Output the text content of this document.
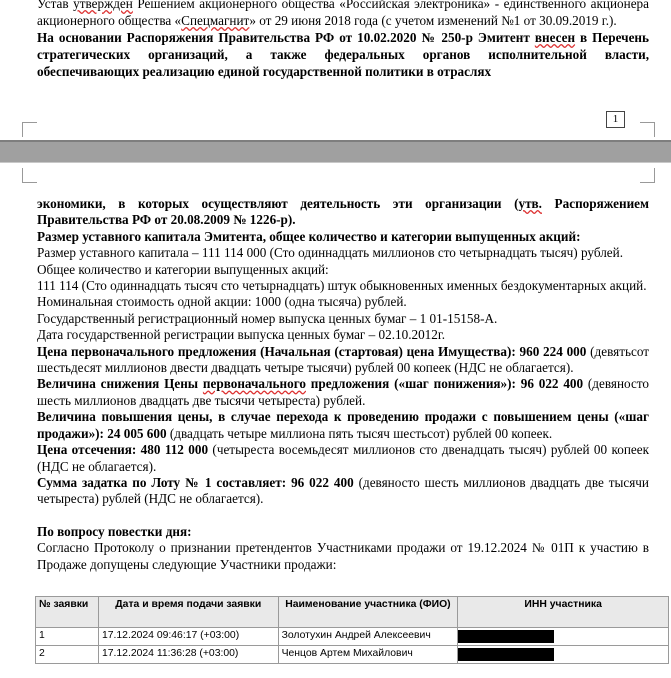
Устав утвержден Решением акционерного общества «Российская электроника» - единственного акционера акционерного общества «Спецмагнит» от 29 июня 2018 года (с учетом изменений №1 от 30.09.2019 г.).
На основании Распоряжения Правительства РФ от 10.02.2020 № 250-р Эмитент внесен в Перечень стратегических организаций, а также федеральных органов исполнительной власти, обеспечивающих реализацию единой государственной политики в отраслях
1

экономики, в которых осуществляют деятельность эти организации (утв. Распоряжением Правительства РФ от 20.08.2009 № 1226-р).

Размер уставного капитала Эмитента, общее количество и категории выпущенных акций:

Размер уставного капитала – 111 114 000 (Сто одиннадцать миллионов сто четырнадцать тысяч) рублей.

Общее количество и категории выпущенных акций:

111 114 (Сто одиннадцать тысяч сто четырнадцать) штук обыкновенных именных бездокументарных акций.

Номинальная стоимость одной акции: 1000 (одна тысяча) рублей.

Государственный регистрационный номер выпуска ценных бумаг – 1 01-15158-А.

Дата государственной регистрации выпуска ценных бумаг – 02.10.2012г.

Цена первоначального предложения (Начальная (стартовая) цена Имущества): 960 224 000 (девятьсот шестьдесят миллионов двести двадцать четыре тысячи) рублей 00 копеек (НДС не облагается).

Величина снижения Цены первоначального предложения («шаг понижения»): 96 022 400 (девяносто шесть миллионов двадцать две тысячи четыреста) рублей.

Величина повышения цены, в случае перехода к проведению продажи с повышением цены («шаг продажи»): 24 005 600 (двадцать четыре миллиона пять тысяч шестьсот) рублей 00 копеек.

Цена отсечения: 480 112 000 (четыреста восемьдесят миллионов сто двенадцать тысяч) рублей 00 копеек (НДС не облагается).

Сумма задатка по Лоту № 1 составляет: 96 022 400 (девяносто шесть миллионов двадцать две тысячи четыреста) рублей (НДС не облагается).

По вопросу повестки дня:

Согласно Протоколу о признании претендентов Участниками продажи от 19.12.2024 № 01П к участию в Продаже допущены следующие Участники продажи:

№ заявки	Дата и время подачи заявки	Наименование участника (ФИО)	ИНН участника
1	17.12.2024 09:46:17 (+03:00)	Золотухин Андрей Алексеевич	

2	17.12.2024 11:36:28 (+03:00)	Ченцов Артем Михайлович	
